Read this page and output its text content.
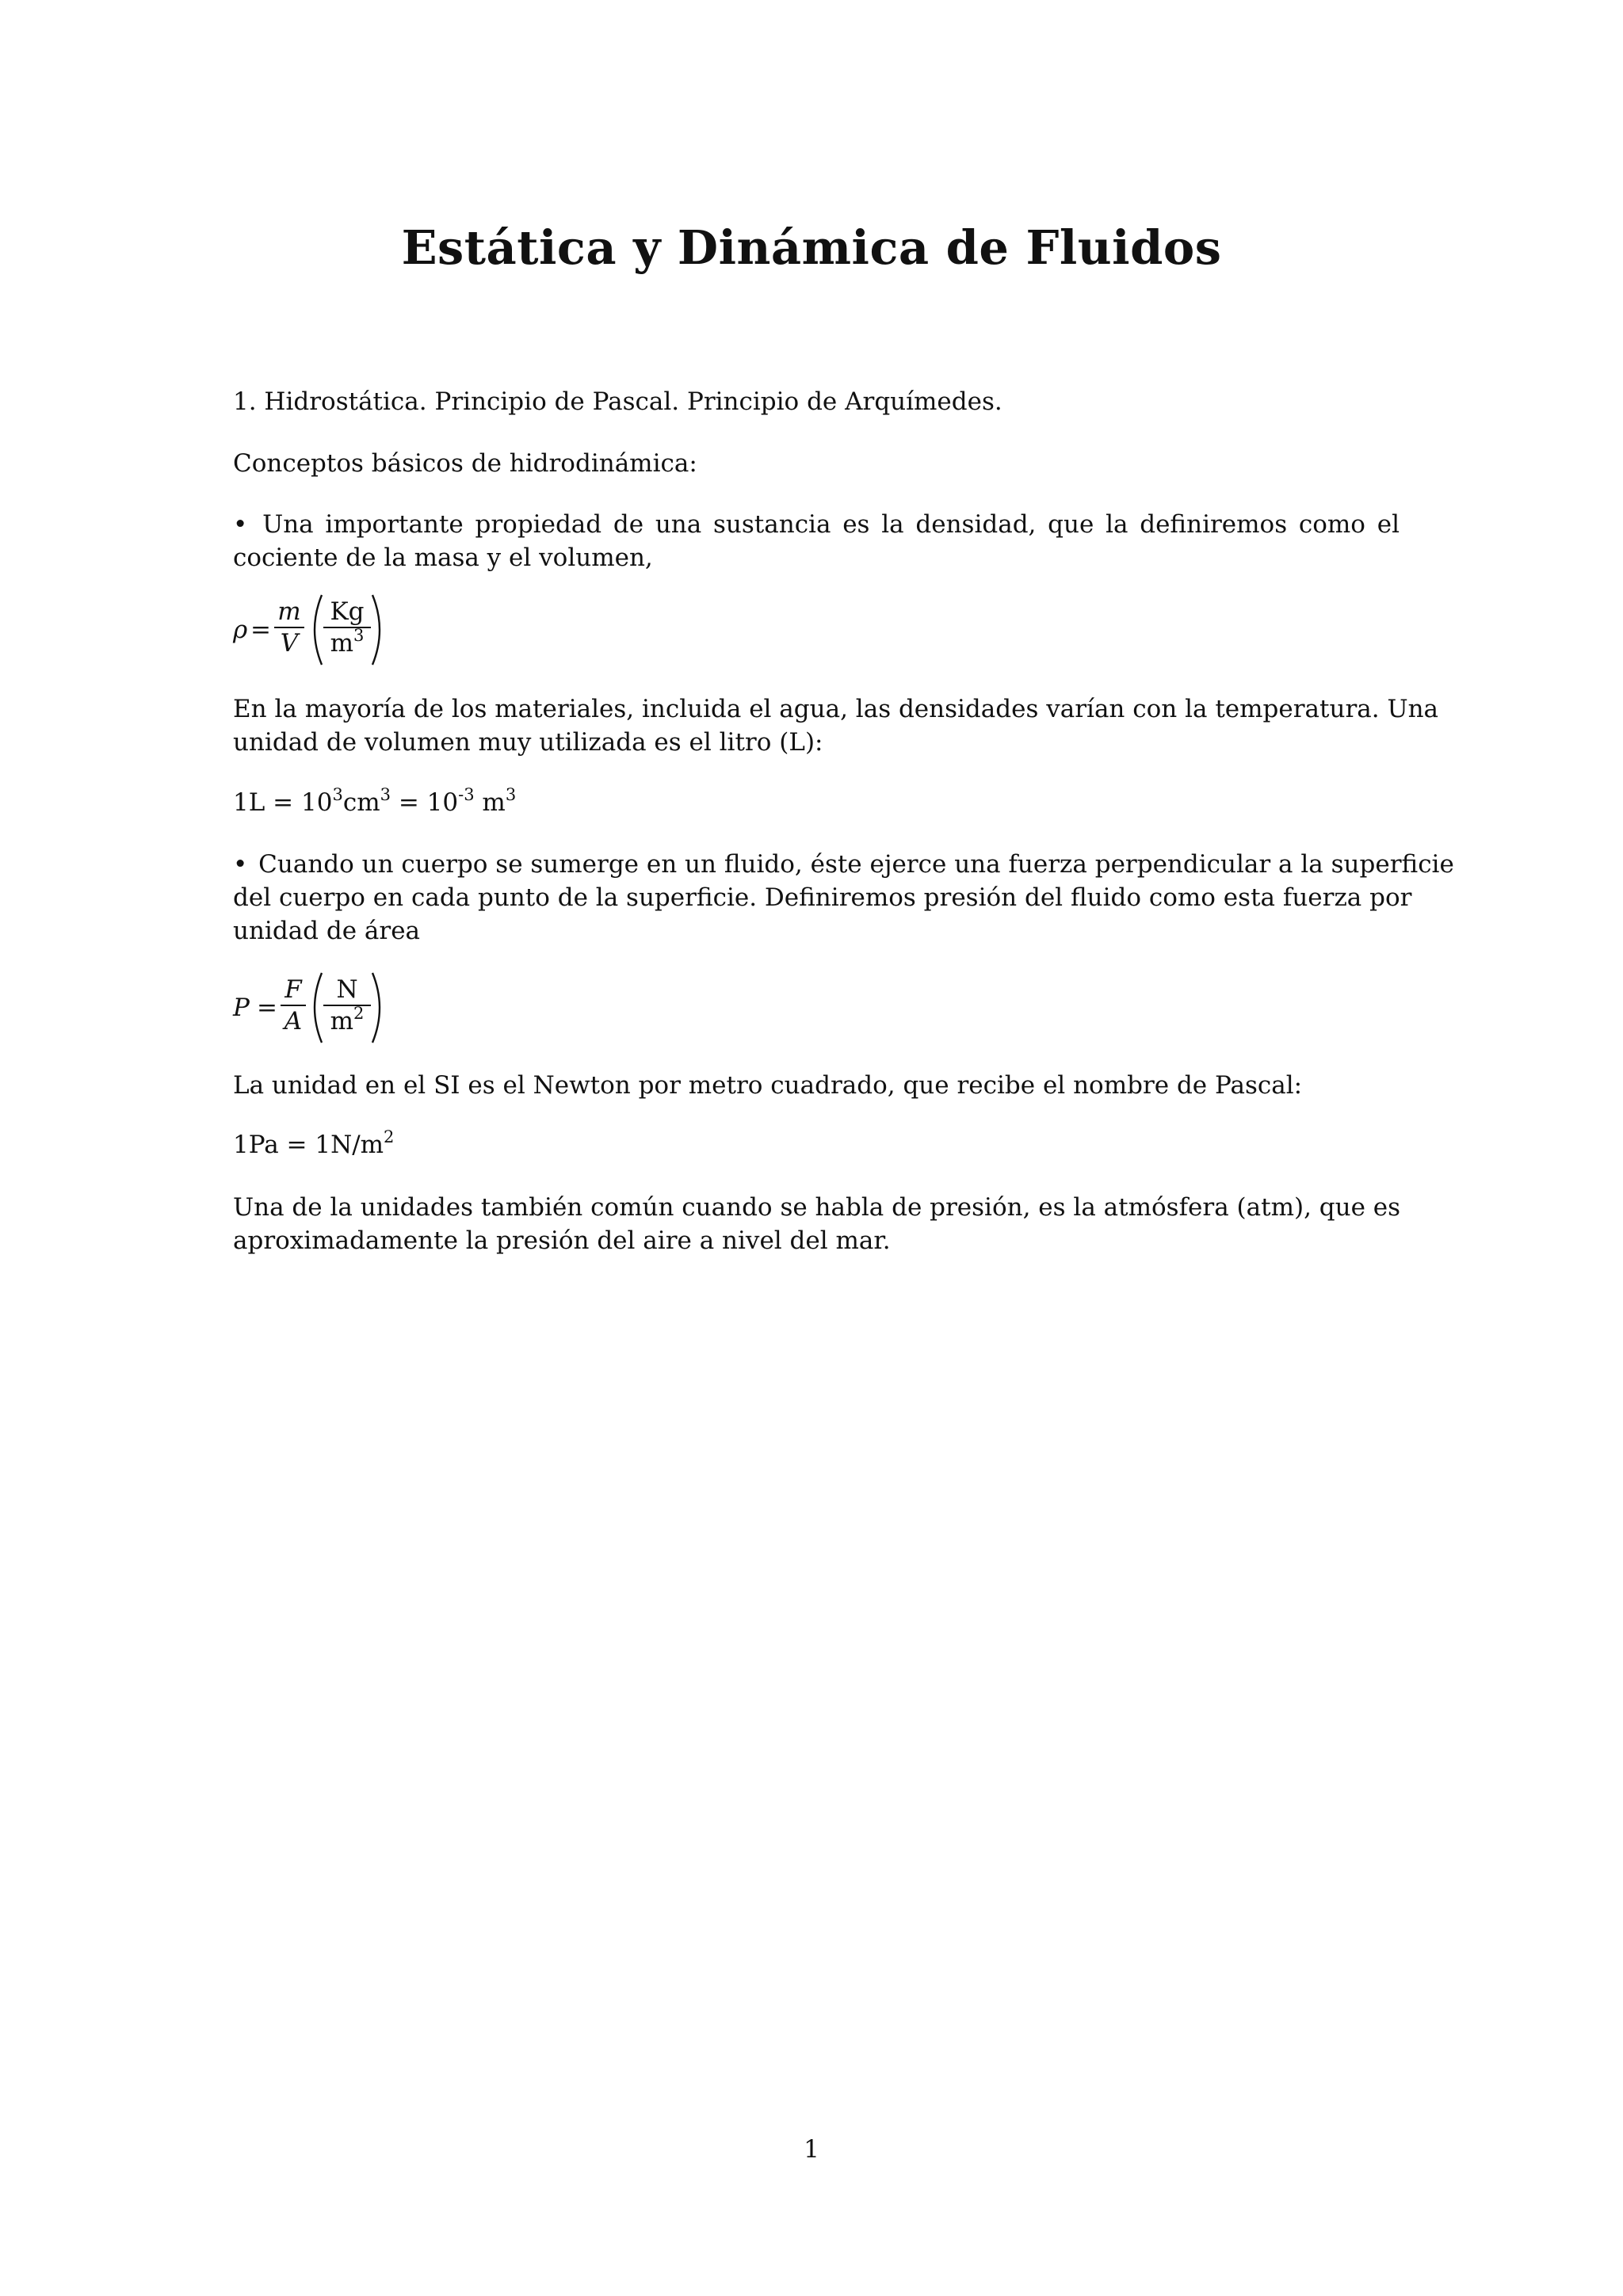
Estática y Dinámica de Fluidos
1. Hidrostática. Principio de Pascal. Principio de Arquímedes.
Conceptos básicos de hidrodinámica:
• Una importante propiedad de una sustancia es la densidad, que la definiremos como el
cociente de la masa y el volumen,
ρ =
m
V
Kg
$m^3$
En la mayoría de los materiales, incluida el agua, las densidades varían con la temperatura. Una
unidad de volumen muy utilizada es el litro (L):
$1L = 10^3cm^3 = 10^{-3}$ $m^3$
• Cuando un cuerpo se sumerge en un fluido, éste ejerce una fuerza perpendicular a la superficie
del cuerpo en cada punto de la superficie. Definiremos presión del fluido como esta fuerza por
unidad de área
P =
F
A
N
$m^2$
La unidad en el SI es el Newton por metro cuadrado, que recibe el nombre de Pascal:
$1Pa = 1N/m^2$
Una de la unidades también común cuando se habla de presión, es la atmósfera (atm), que es
aproximadamente la presión del aire a nivel del mar.
1
